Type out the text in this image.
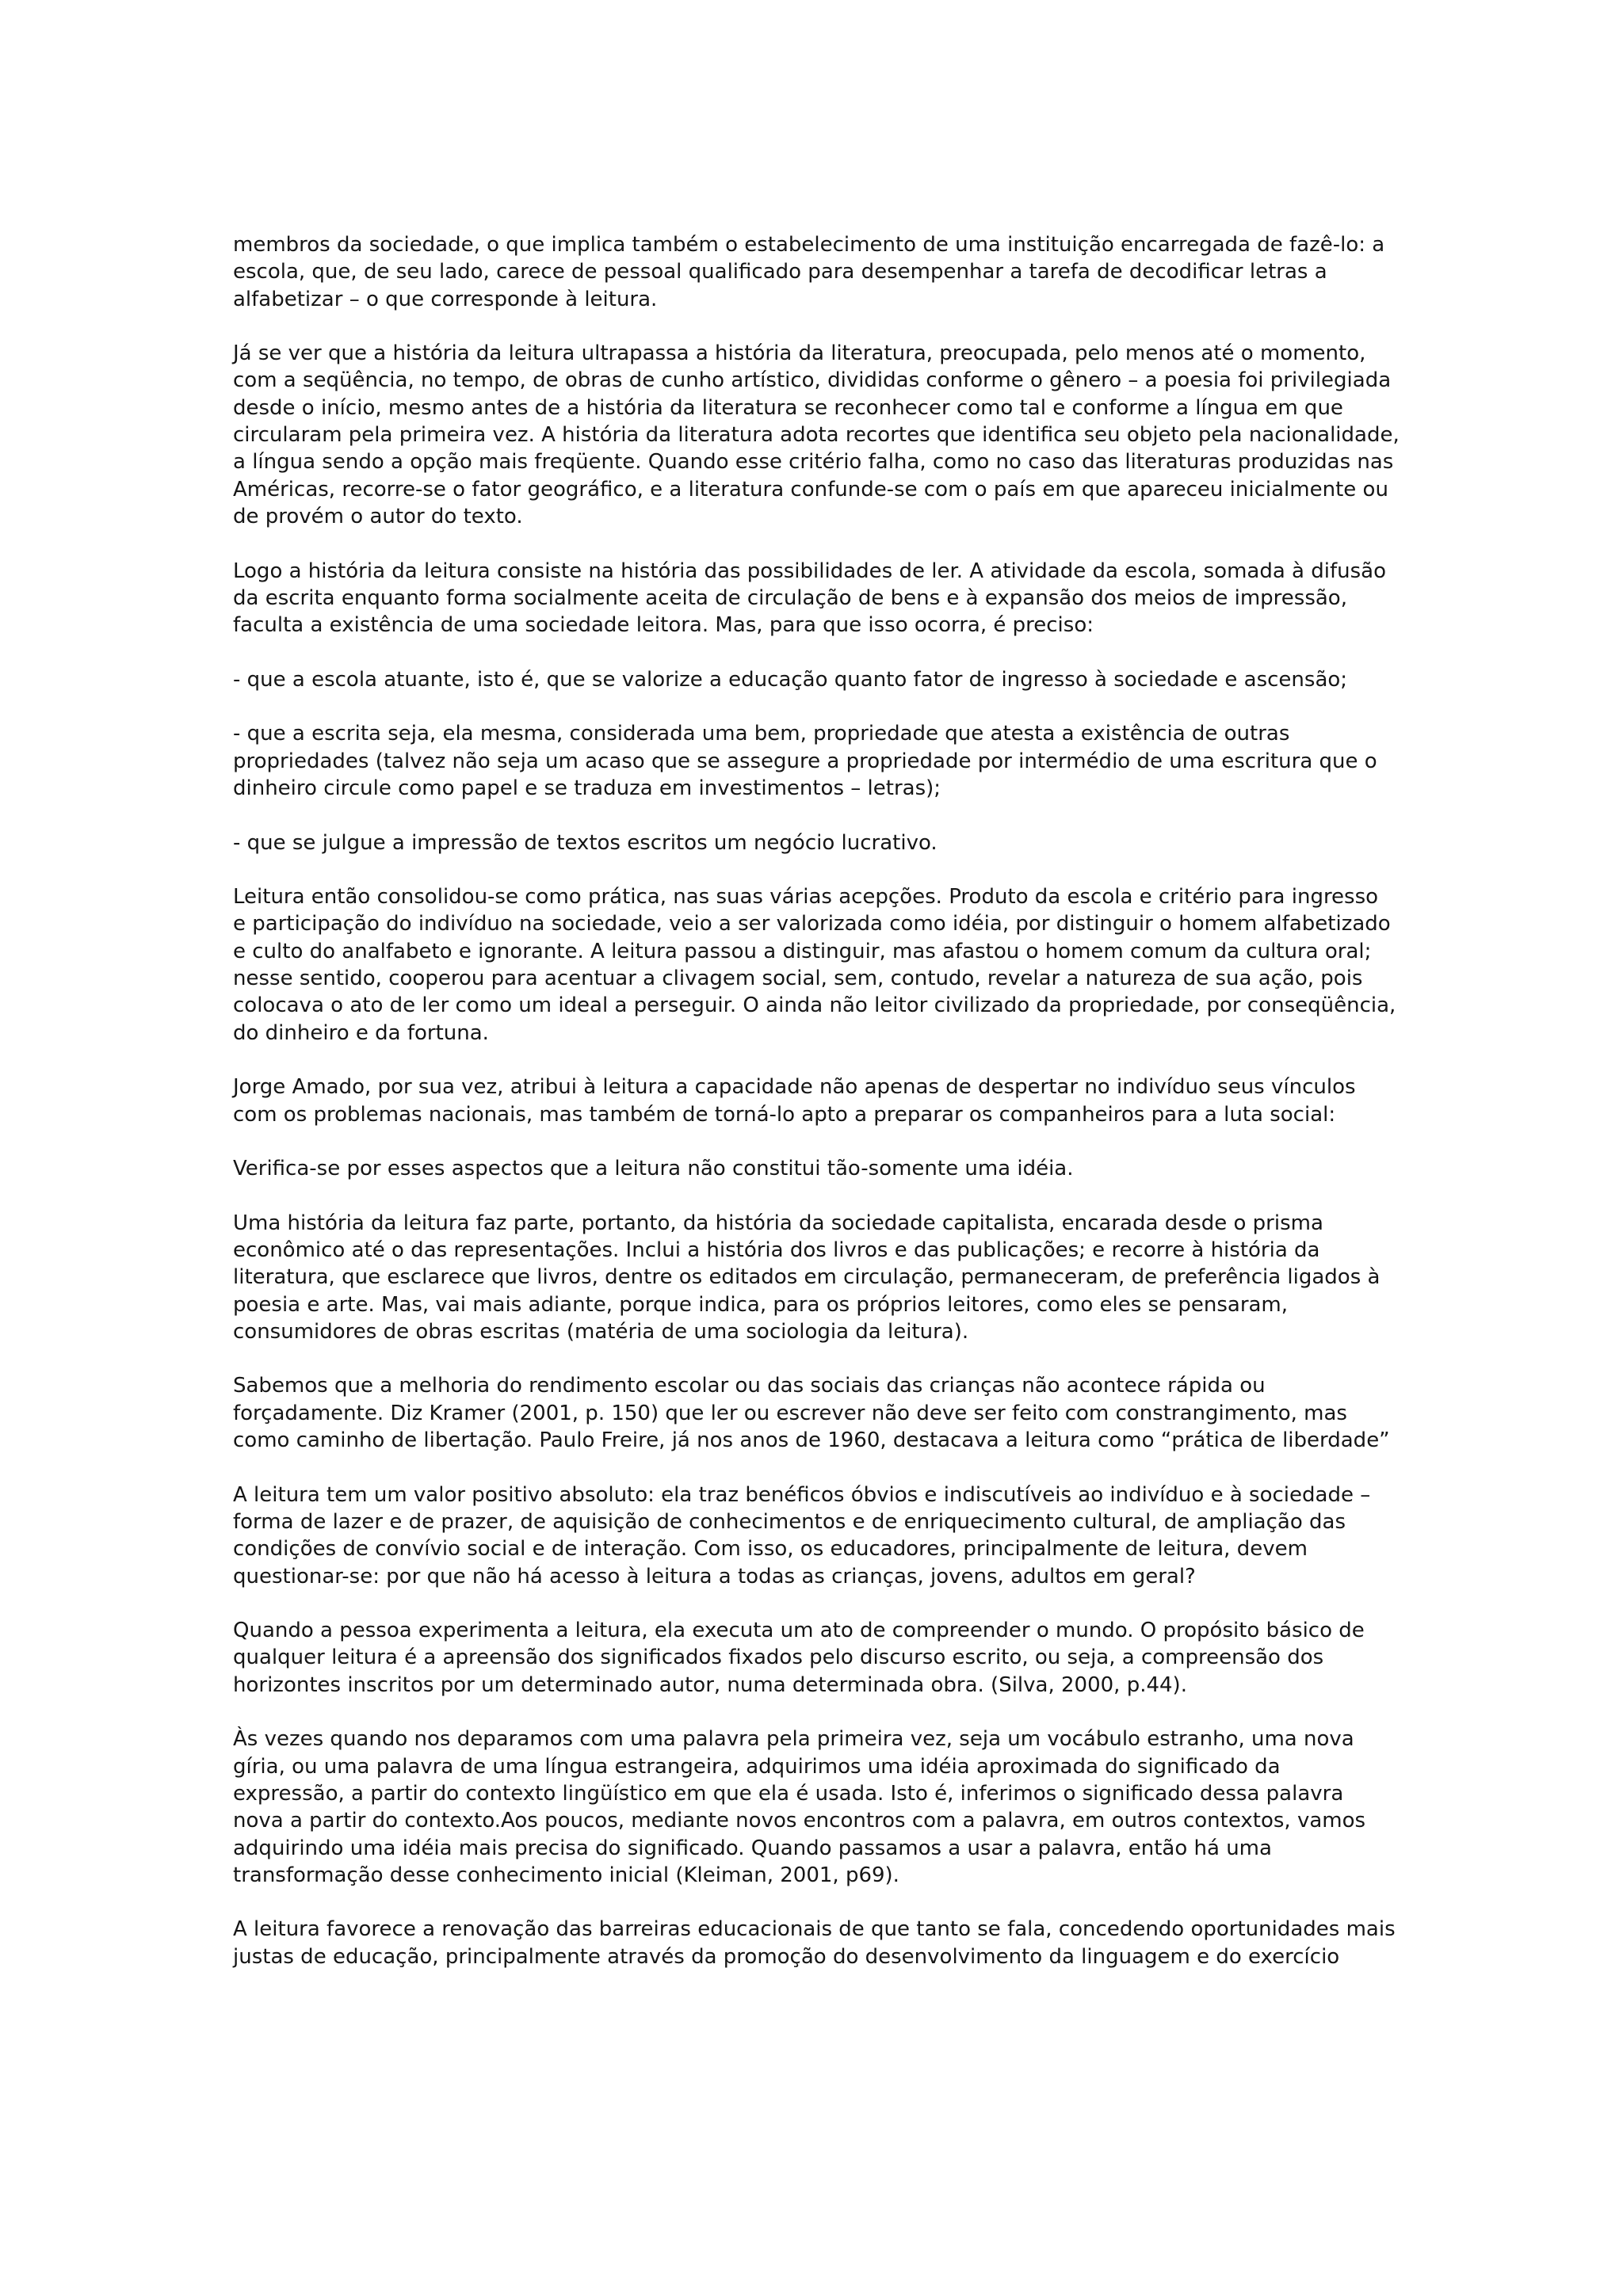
membros da sociedade, o que implica também o estabelecimento de uma instituição encarregada de fazê-lo: a
escola, que, de seu lado, carece de pessoal qualificado para desempenhar a tarefa de decodificar letras a
alfabetizar – o que corresponde à leitura.

Já se ver que a história da leitura ultrapassa a história da literatura, preocupada, pelo menos até o momento,
com a seqüência, no tempo, de obras de cunho artístico, divididas conforme o gênero – a poesia foi privilegiada
desde o início, mesmo antes de a história da literatura se reconhecer como tal e conforme a língua em que
circularam pela primeira vez. A história da literatura adota recortes que identifica seu objeto pela nacionalidade,
a língua sendo a opção mais freqüente. Quando esse critério falha, como no caso das literaturas produzidas nas
Américas, recorre-se o fator geográfico, e a literatura confunde-se com o país em que apareceu inicialmente ou
de provém o autor do texto.

Logo a história da leitura consiste na história das possibilidades de ler. A atividade da escola, somada à difusão
da escrita enquanto forma socialmente aceita de circulação de bens e à expansão dos meios de impressão,
faculta a existência de uma sociedade leitora. Mas, para que isso ocorra, é preciso:

- que a escola atuante, isto é, que se valorize a educação quanto fator de ingresso à sociedade e ascensão;

- que a escrita seja, ela mesma, considerada uma bem, propriedade que atesta a existência de outras
propriedades (talvez não seja um acaso que se assegure a propriedade por intermédio de uma escritura que o
dinheiro circule como papel e se traduza em investimentos – letras);

- que se julgue a impressão de textos escritos um negócio lucrativo.

Leitura então consolidou-se como prática, nas suas várias acepções. Produto da escola e critério para ingresso
e participação do indivíduo na sociedade, veio a ser valorizada como idéia, por distinguir o homem alfabetizado
e culto do analfabeto e ignorante. A leitura passou a distinguir, mas afastou o homem comum da cultura oral;
nesse sentido, cooperou para acentuar a clivagem social, sem, contudo, revelar a natureza de sua ação, pois
colocava o ato de ler como um ideal a perseguir. O ainda não leitor civilizado da propriedade, por conseqüência,
do dinheiro e da fortuna.

Jorge Amado, por sua vez, atribui à leitura a capacidade não apenas de despertar no indivíduo seus vínculos
com os problemas nacionais, mas também de torná-lo apto a preparar os companheiros para a luta social:

Verifica-se por esses aspectos que a leitura não constitui tão-somente uma idéia.

Uma história da leitura faz parte, portanto, da história da sociedade capitalista, encarada desde o prisma
econômico até o das representações. Inclui a história dos livros e das publicações; e recorre à história da
literatura, que esclarece que livros, dentre os editados em circulação, permaneceram, de preferência ligados à
poesia e arte. Mas, vai mais adiante, porque indica, para os próprios leitores, como eles se pensaram,
consumidores de obras escritas (matéria de uma sociologia da leitura).

Sabemos que a melhoria do rendimento escolar ou das sociais das crianças não acontece rápida ou
forçadamente. Diz Kramer (2001, p. 150) que ler ou escrever não deve ser feito com constrangimento, mas
como caminho de libertação. Paulo Freire, já nos anos de 1960, destacava a leitura como “prática de liberdade”

A leitura tem um valor positivo absoluto: ela traz benéficos óbvios e indiscutíveis ao indivíduo e à sociedade –
forma de lazer e de prazer, de aquisição de conhecimentos e de enriquecimento cultural, de ampliação das
condições de convívio social e de interação. Com isso, os educadores, principalmente de leitura, devem
questionar-se: por que não há acesso à leitura a todas as crianças, jovens, adultos em geral?

Quando a pessoa experimenta a leitura, ela executa um ato de compreender o mundo. O propósito básico de
qualquer leitura é a apreensão dos significados fixados pelo discurso escrito, ou seja, a compreensão dos
horizontes inscritos por um determinado autor, numa determinada obra. (Silva, 2000, p.44).

Às vezes quando nos deparamos com uma palavra pela primeira vez, seja um vocábulo estranho, uma nova
gíria, ou uma palavra de uma língua estrangeira, adquirimos uma idéia aproximada do significado da
expressão, a partir do contexto lingüístico em que ela é usada. Isto é, inferimos o significado dessa palavra
nova a partir do contexto.Aos poucos, mediante novos encontros com a palavra, em outros contextos, vamos
adquirindo uma idéia mais precisa do significado. Quando passamos a usar a palavra, então há uma
transformação desse conhecimento inicial (Kleiman, 2001, p69).

A leitura favorece a renovação das barreiras educacionais de que tanto se fala, concedendo oportunidades mais
justas de educação, principalmente através da promoção do desenvolvimento da linguagem e do exercício
